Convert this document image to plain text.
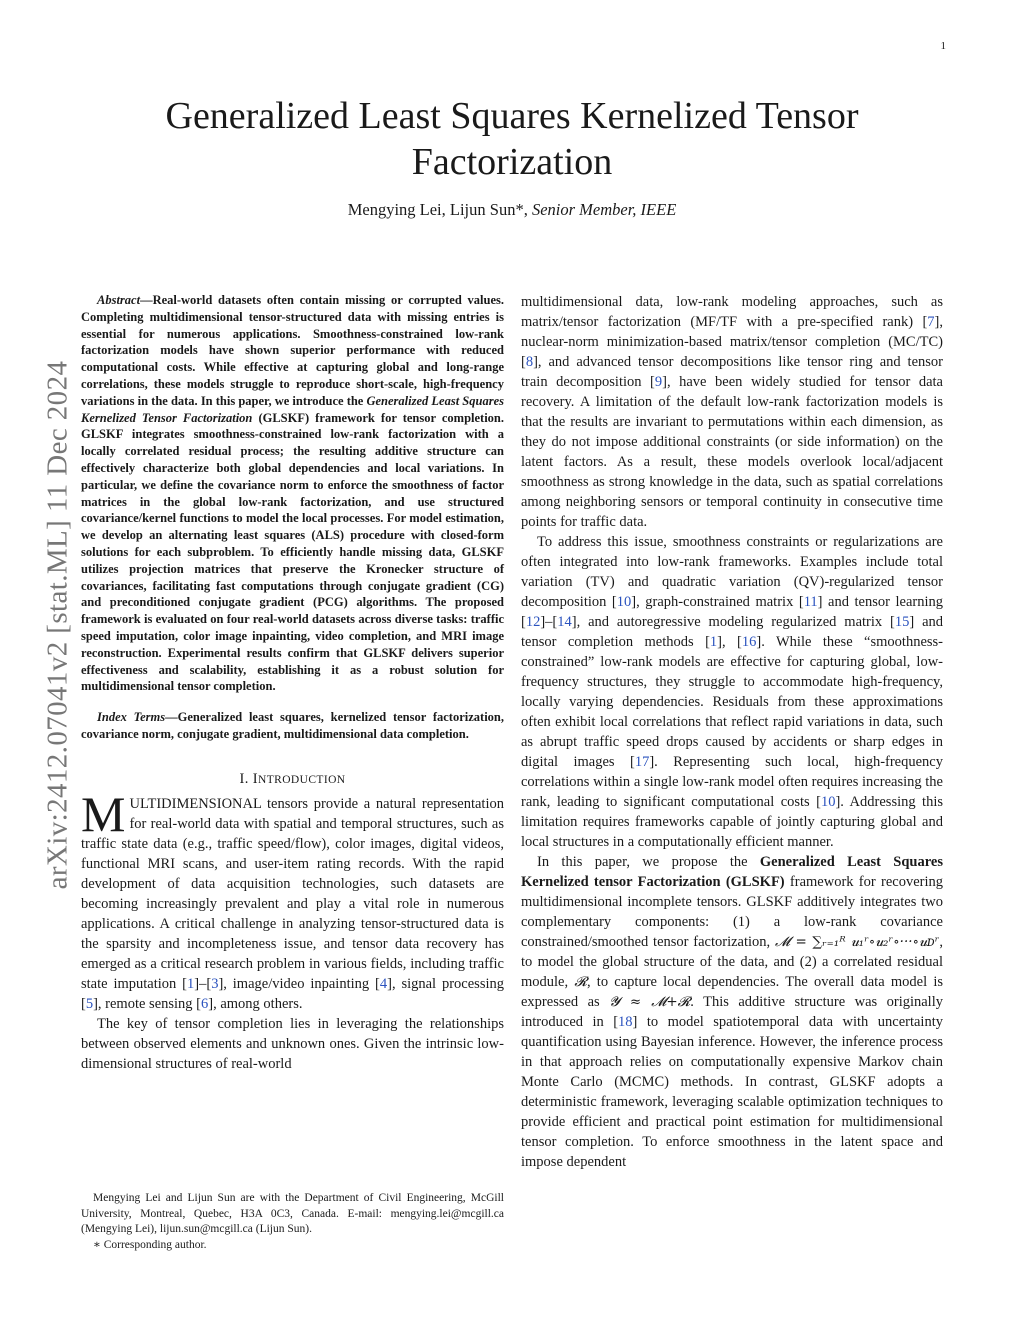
1
arXiv:2412.07041v2 [stat.ML] 11 Dec 2024
Generalized Least Squares Kernelized Tensor Factorization
Mengying Lei, Lijun Sun*, Senior Member, IEEE

Abstract—Real-world datasets often contain missing or corrupted values. Completing multidimensional tensor-structured data with missing entries is essential for numerous applications. Smoothness-constrained low-rank factorization models have shown superior performance with reduced computational costs. While effective at capturing global and long-range correlations, these models struggle to reproduce short-scale, high-frequency variations in the data. In this paper, we introduce the Generalized Least Squares Kernelized Tensor Factorization (GLSKF) framework for tensor completion. GLSKF integrates smoothness-constrained low-rank factorization with a locally correlated residual process; the resulting additive structure can effectively characterize both global dependencies and local variations. In particular, we define the covariance norm to enforce the smoothness of factor matrices in the global low-rank factorization, and use structured covariance/kernel functions to model the local processes. For model estimation, we develop an alternating least squares (ALS) procedure with closed-form solutions for each subproblem. To efficiently handle missing data, GLSKF utilizes projection matrices that preserve the Kronecker structure of covariances, facilitating fast computations through conjugate gradient (CG) and preconditioned conjugate gradient (PCG) algorithms. The proposed framework is evaluated on four real-world datasets across diverse tasks: traffic speed imputation, color image inpainting, video completion, and MRI image reconstruction. Experimental results confirm that GLSKF delivers superior effectiveness and scalability, establishing it as a robust solution for multidimensional tensor completion.

Index Terms—Generalized least squares, kernelized tensor factorization, covariance norm, conjugate gradient, multidimensional data completion.

I. INTRODUCTION

MULTIDIMENSIONAL tensors provide a natural representation for real-world data with spatial and temporal structures, such as traffic state data (e.g., traffic speed/flow), color images, digital videos, functional MRI scans, and user-item rating records. With the rapid development of data acquisition technologies, such datasets are becoming increasingly prevalent and play a vital role in numerous applications. A critical challenge in analyzing tensor-structured data is the sparsity and incompleteness issue, and tensor data recovery has emerged as a critical research problem in various fields, including traffic state imputation [1]–[3], image/video inpainting [4], signal processing [5], remote sensing [6], among others.

The key of tensor completion lies in leveraging the relationships between observed elements and unknown ones. Given the intrinsic low-dimensional structures of real-world

Mengying Lei and Lijun Sun are with the Department of Civil Engineering, McGill University, Montreal, Quebec, H3A 0C3, Canada. E-mail: mengying.lei@mcgill.ca (Mengying Lei), lijun.sun@mcgill.ca (Lijun Sun).

∗ Corresponding author.

multidimensional data, low-rank modeling approaches, such as matrix/tensor factorization (MF/TF with a pre-specified rank) [7], nuclear-norm minimization-based matrix/tensor completion (MC/TC) [8], and advanced tensor decompositions like tensor ring and tensor train decomposition [9], have been widely studied for tensor data recovery. A limitation of the default low-rank factorization models is that the results are invariant to permutations within each dimension, as they do not impose additional constraints (or side information) on the latent factors. As a result, these models overlook local/adjacent smoothness as strong knowledge in the data, such as spatial correlations among neighboring sensors or temporal continuity in consecutive time points for traffic data.

To address this issue, smoothness constraints or regularizations are often integrated into low-rank frameworks. Examples include total variation (TV) and quadratic variation (QV)-regularized tensor decomposition [10], graph-constrained matrix [11] and tensor learning [12]–[14], and autoregressive modeling regularized matrix [15] and tensor completion methods [1], [16]. While these “smoothness-constrained” low-rank models are effective for capturing global, low-frequency structures, they struggle to accommodate high-frequency, locally varying dependencies. Residuals from these approximations often exhibit local correlations that reflect rapid variations in data, such as abrupt traffic speed drops caused by accidents or sharp edges in digital images [17]. Representing such local, high-frequency correlations within a single low-rank model often requires increasing the rank, leading to significant computational costs [10]. Addressing this limitation requires frameworks capable of jointly capturing global and local structures in a computationally efficient manner.

In this paper, we propose the Generalized Least Squares Kernelized tensor Factorization (GLSKF) framework for recovering multidimensional incomplete tensors. GLSKF additively integrates two complementary components: (1) a low-rank covariance constrained/smoothed tensor factorization, 𝓜 = ∑ᵣ₌₁ᴿ 𝒖₁ʳ∘𝒖₂ʳ∘···∘𝒖ᴅʳ, to model the global structure of the data, and (2) a correlated residual module, 𝓡, to capture local dependencies. The overall data model is expressed as 𝓨 ≈ 𝓜+𝓡. This additive structure was originally introduced in [18] to model spatiotemporal data with uncertainty quantification using Bayesian inference. However, the inference process in that approach relies on computationally expensive Markov chain Monte Carlo (MCMC) methods. In contrast, GLSKF adopts a deterministic framework, leveraging scalable optimization techniques to provide efficient and practical point estimation for multidimensional tensor completion. To enforce smoothness in the latent space and impose dependent
